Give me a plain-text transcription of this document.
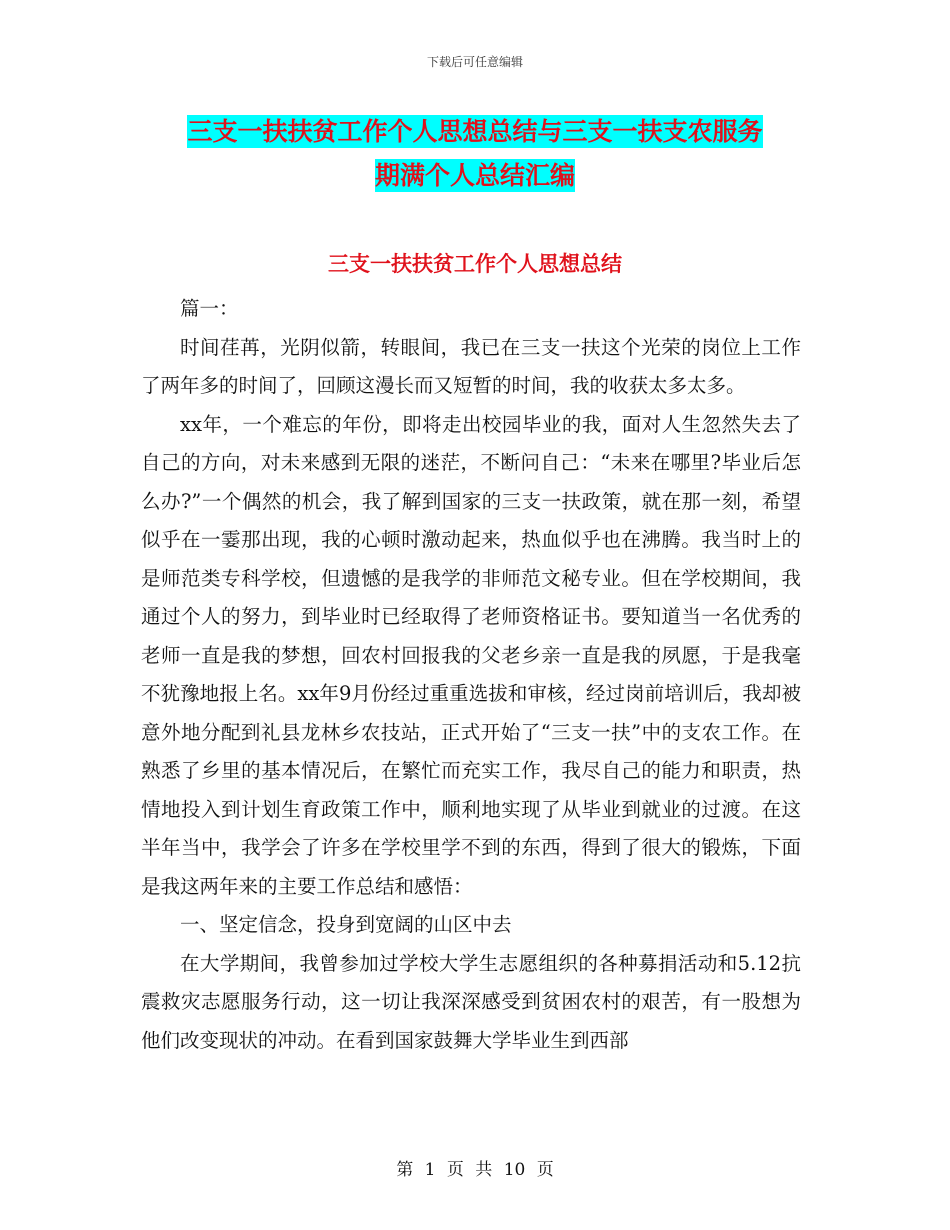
下载后可任意编辑
三支一扶扶贫工作个人思想总结与三支一扶支农服务
期满个人总结汇编
三支一扶扶贫工作个人思想总结

篇一：

时间荏苒，光阴似箭，转眼间，我已在三支一扶这个光荣的岗位上工作了两年多的时间了，回顾这漫长而又短暂的时间，我的收获太多太多。

xx年，一个难忘的年份，即将走出校园毕业的我，面对人生忽然失去了自己的方向，对未来感到无限的迷茫，不断问自己：“未来在哪里?毕业后怎么办?”一个偶然的机会，我了解到国家的三支一扶政策，就在那一刻，希望似乎在一霎那出现，我的心顿时激动起来，热血似乎也在沸腾。我当时上的是师范类专科学校，但遗憾的是我学的非师范文秘专业。但在学校期间，我通过个人的努力，到毕业时已经取得了老师资格证书。要知道当一名优秀的老师一直是我的梦想，回农村回报我的父老乡亲一直是我的夙愿，于是我毫不犹豫地报上名。xx年9月份经过重重选拔和审核，经过岗前培训后，我却被意外地分配到礼县龙林乡农技站，正式开始了“三支一扶”中的支农工作。在熟悉了乡里的基本情况后，在繁忙而充实工作，我尽自己的能力和职责，热情地投入到计划生育政策工作中，顺利地实现了从毕业到就业的过渡。在这半年当中，我学会了许多在学校里学不到的东西，得到了很大的锻炼，下面是我这两年来的主要工作总结和感悟：

一、坚定信念，投身到宽阔的山区中去

在大学期间，我曾参加过学校大学生志愿组织的各种募捐活动和5.12抗震救灾志愿服务行动，这一切让我深深感受到贫困农村的艰苦，有一股想为他们改变现状的冲动。在看到国家鼓舞大学毕业生到西部

第 1 页 共 10 页
